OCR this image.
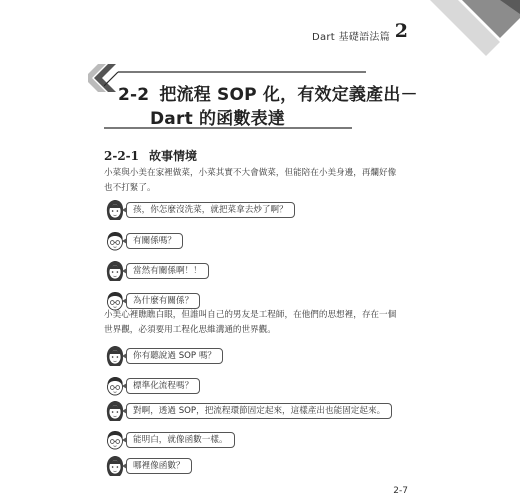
Dart 基礎語法篇 2
2-2 把流程 SOP 化，有效定義產出－
Dart 的函數表達
2-2-1 故事情境

小菜與小美在家裡做菜，小菜其實不大會做菜，但能陪在小美身邊，再爛好像也不打緊了。

孩，你怎麼沒洗菜，就把菜拿去炒了啊？
有關係嗎？
當然有關係啊！！
為什麼有關係？

小美心裡瞧瞧白眼，但誰叫自己的男友是工程師，在他們的思想裡，存在一個世界觀，必須要用工程化思維溝通的世界觀。

你有聽說過 SOP 嗎？
標準化流程嗎？
對啊，透過 SOP，把流程環節固定起來，這樣產出也能固定起來。
能明白，就像函數一樣。
哪裡像函數？
2-7
